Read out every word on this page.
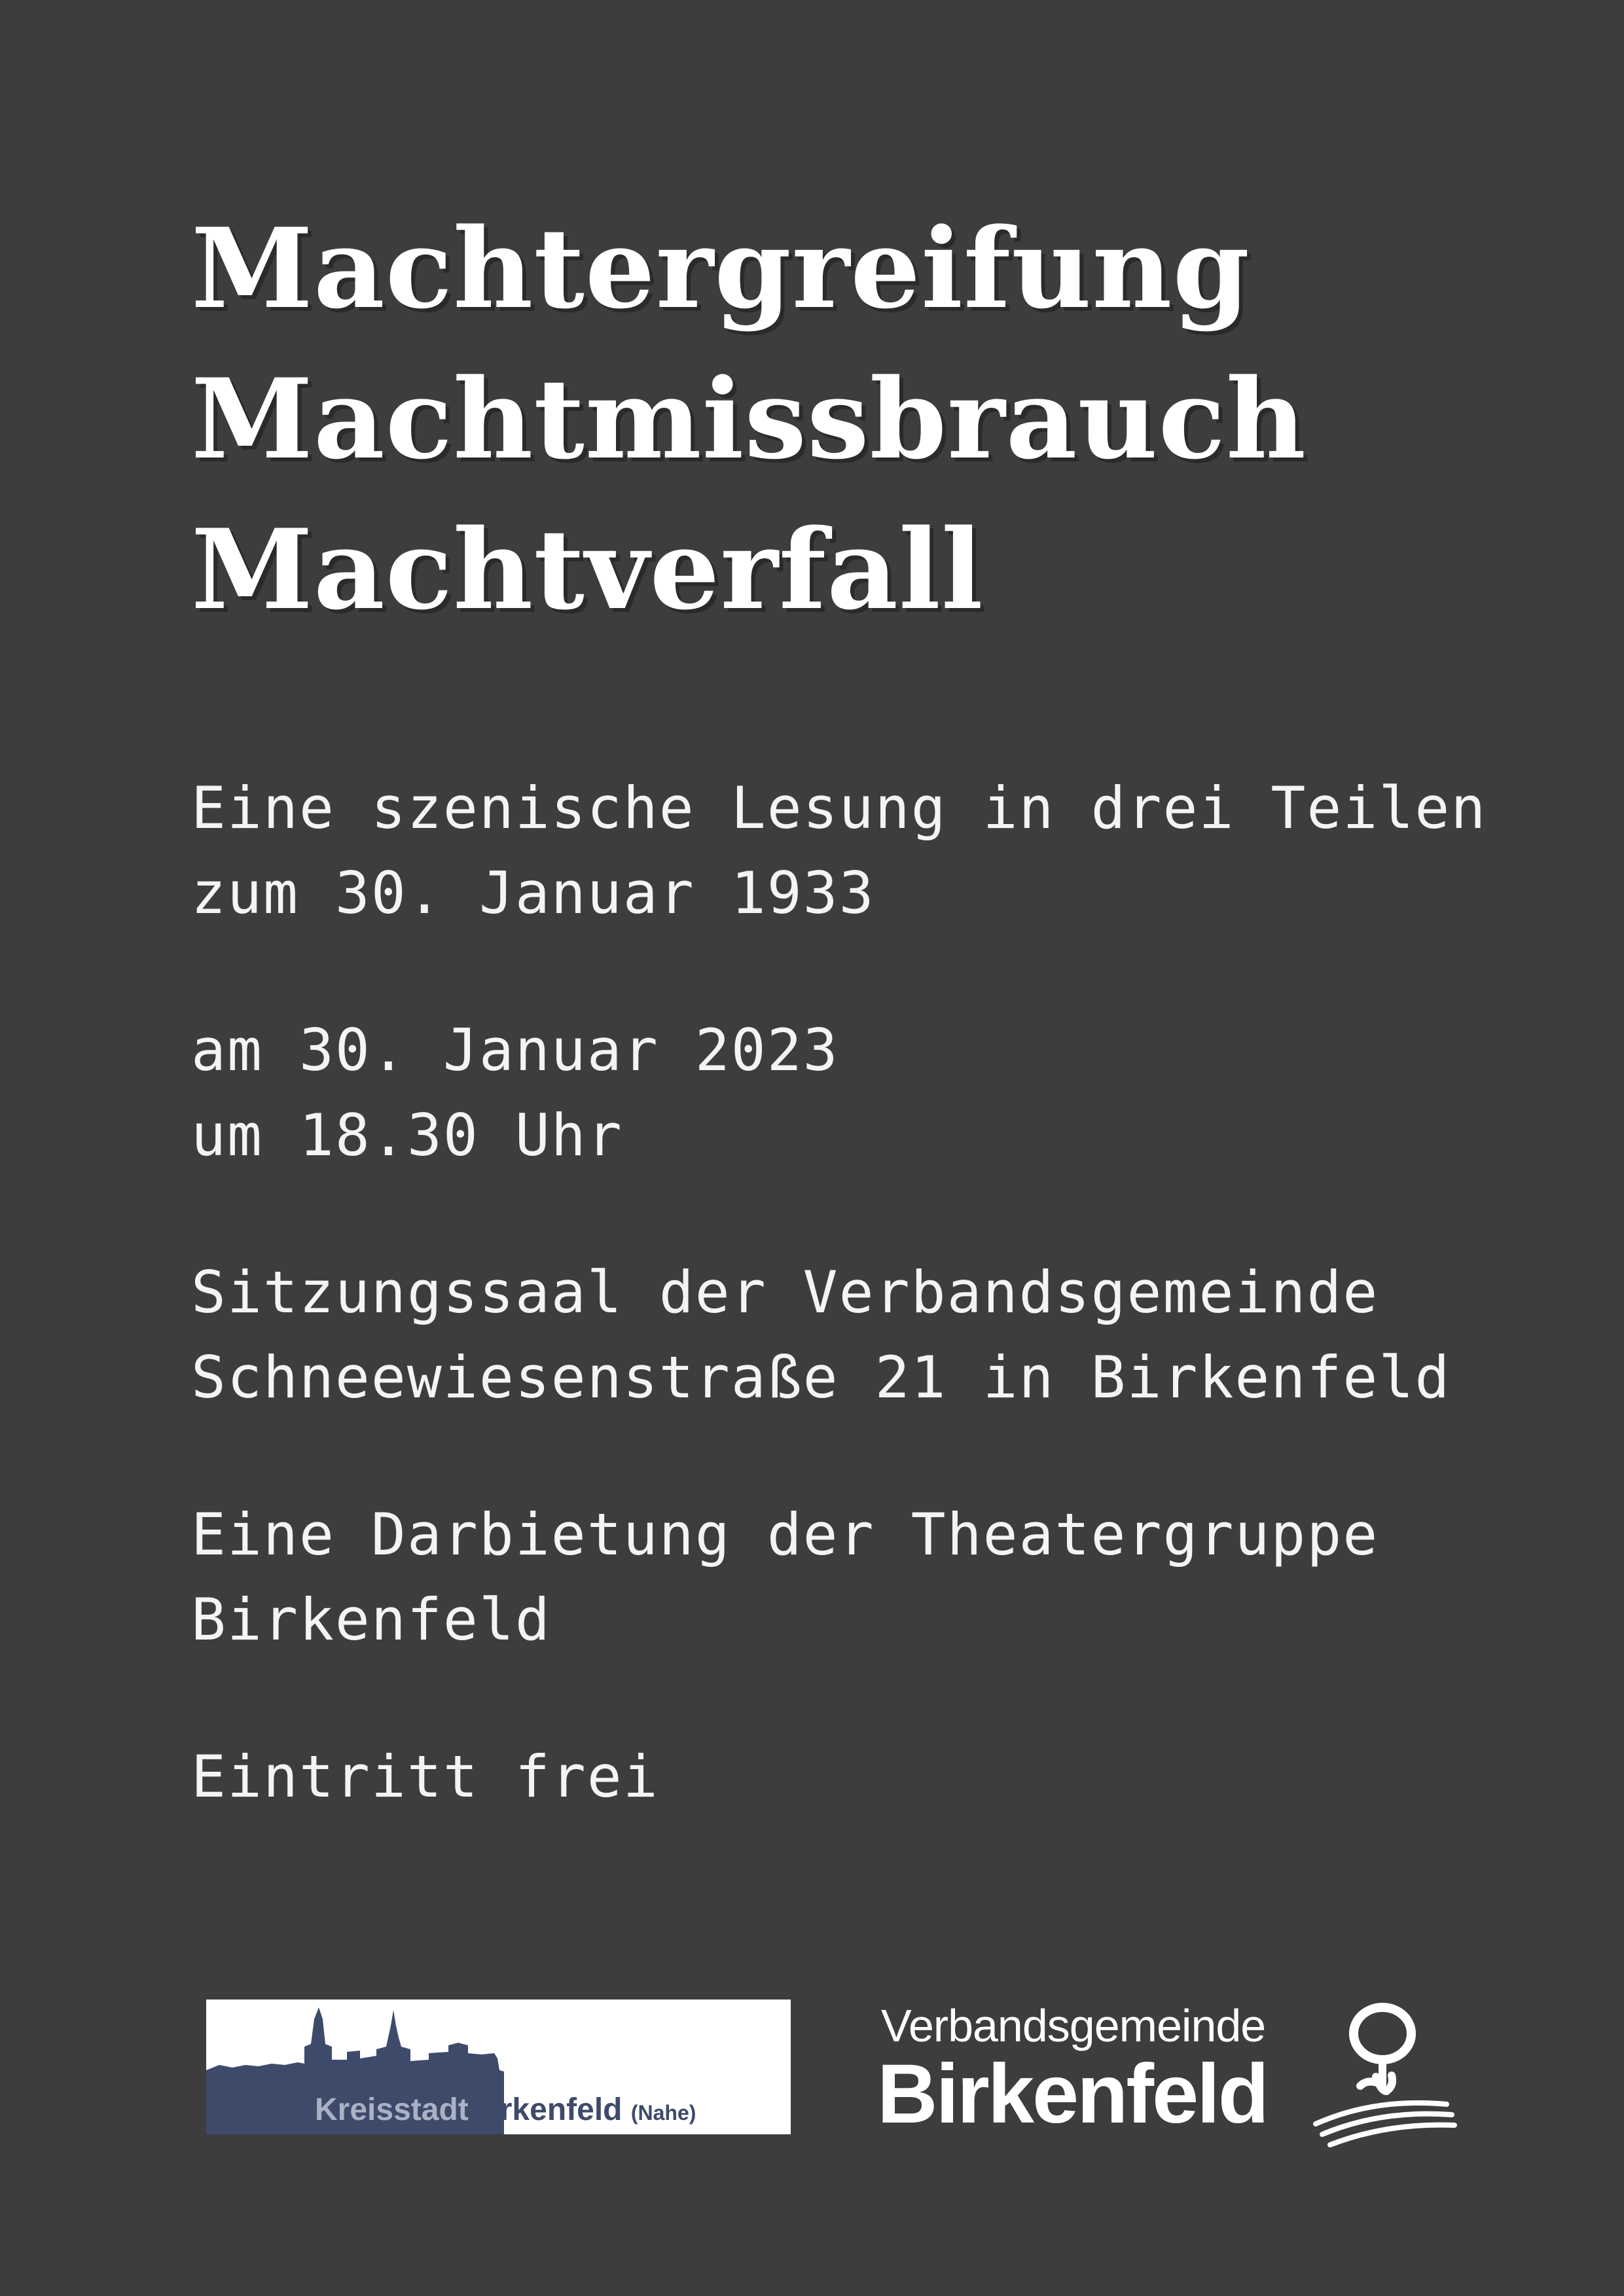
Machtergreifung
Machtmissbrauch
Machtverfall
Eine szenische Lesung in drei Teilen
zum 30. Januar 1933
am 30. Januar 2023
um 18.30 Uhr
Sitzungssaal der Verbandsgemeinde
Schneewiesenstraße 21 in Birkenfeld
Eine Darbietung der Theatergruppe
Birkenfeld
Eintritt frei
KreisstadtBirkenfeld (Nahe)
Verbandsgemeinde
Birkenfeld
